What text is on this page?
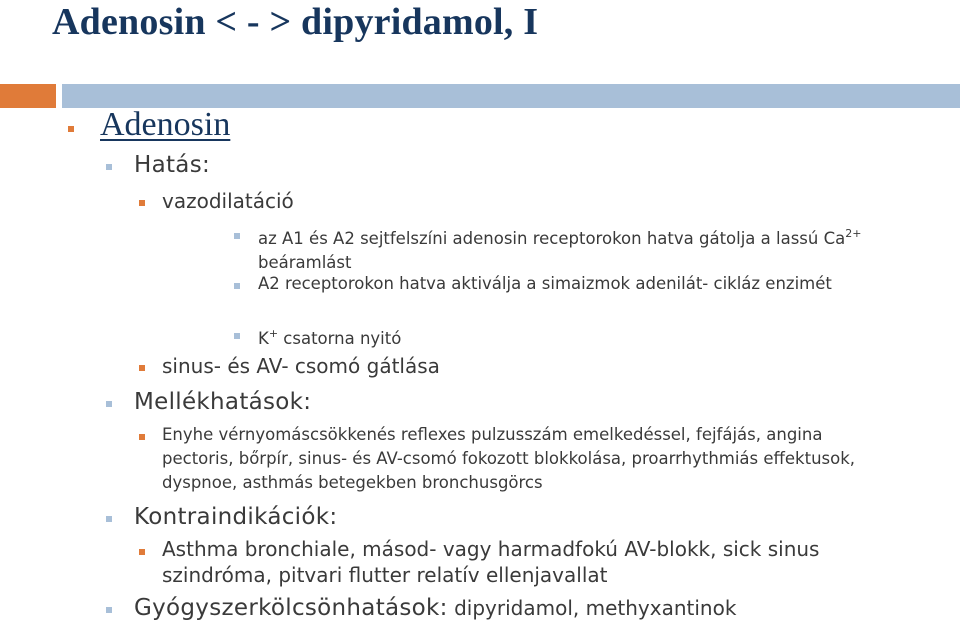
Adenosin < - > dipyridamol, I
Adenosin
Hatás:
vazodilatáció
az A1 és A2 sejtfelszíni adenosin receptorokon hatva gátolja a lassú $Ca^{2+}$
beáramlást
A2 receptorokon hatva aktiválja a simaizmok adenilát- cikláz enzimét
K+ csatorna nyitó
sinus- és AV- csomó gátlása
Mellékhatások:
Enyhe vérnyomáscsökkenés reflexes pulzusszám emelkedéssel, fejfájás, angina
pectoris, bőrpír, sinus- és AV-csomó fokozott blokkolása, proarrhythmiás effektusok,
dyspnoe, asthmás betegekben bronchusgörcs
Kontraindikációk:
Asthma bronchiale, másod- vagy harmadfokú AV-blokk, sick sinus
szindróma, pitvari flutter relatív ellenjavallat
Gyógyszerkölcsönhatások: dipyridamol, methyxantinok
